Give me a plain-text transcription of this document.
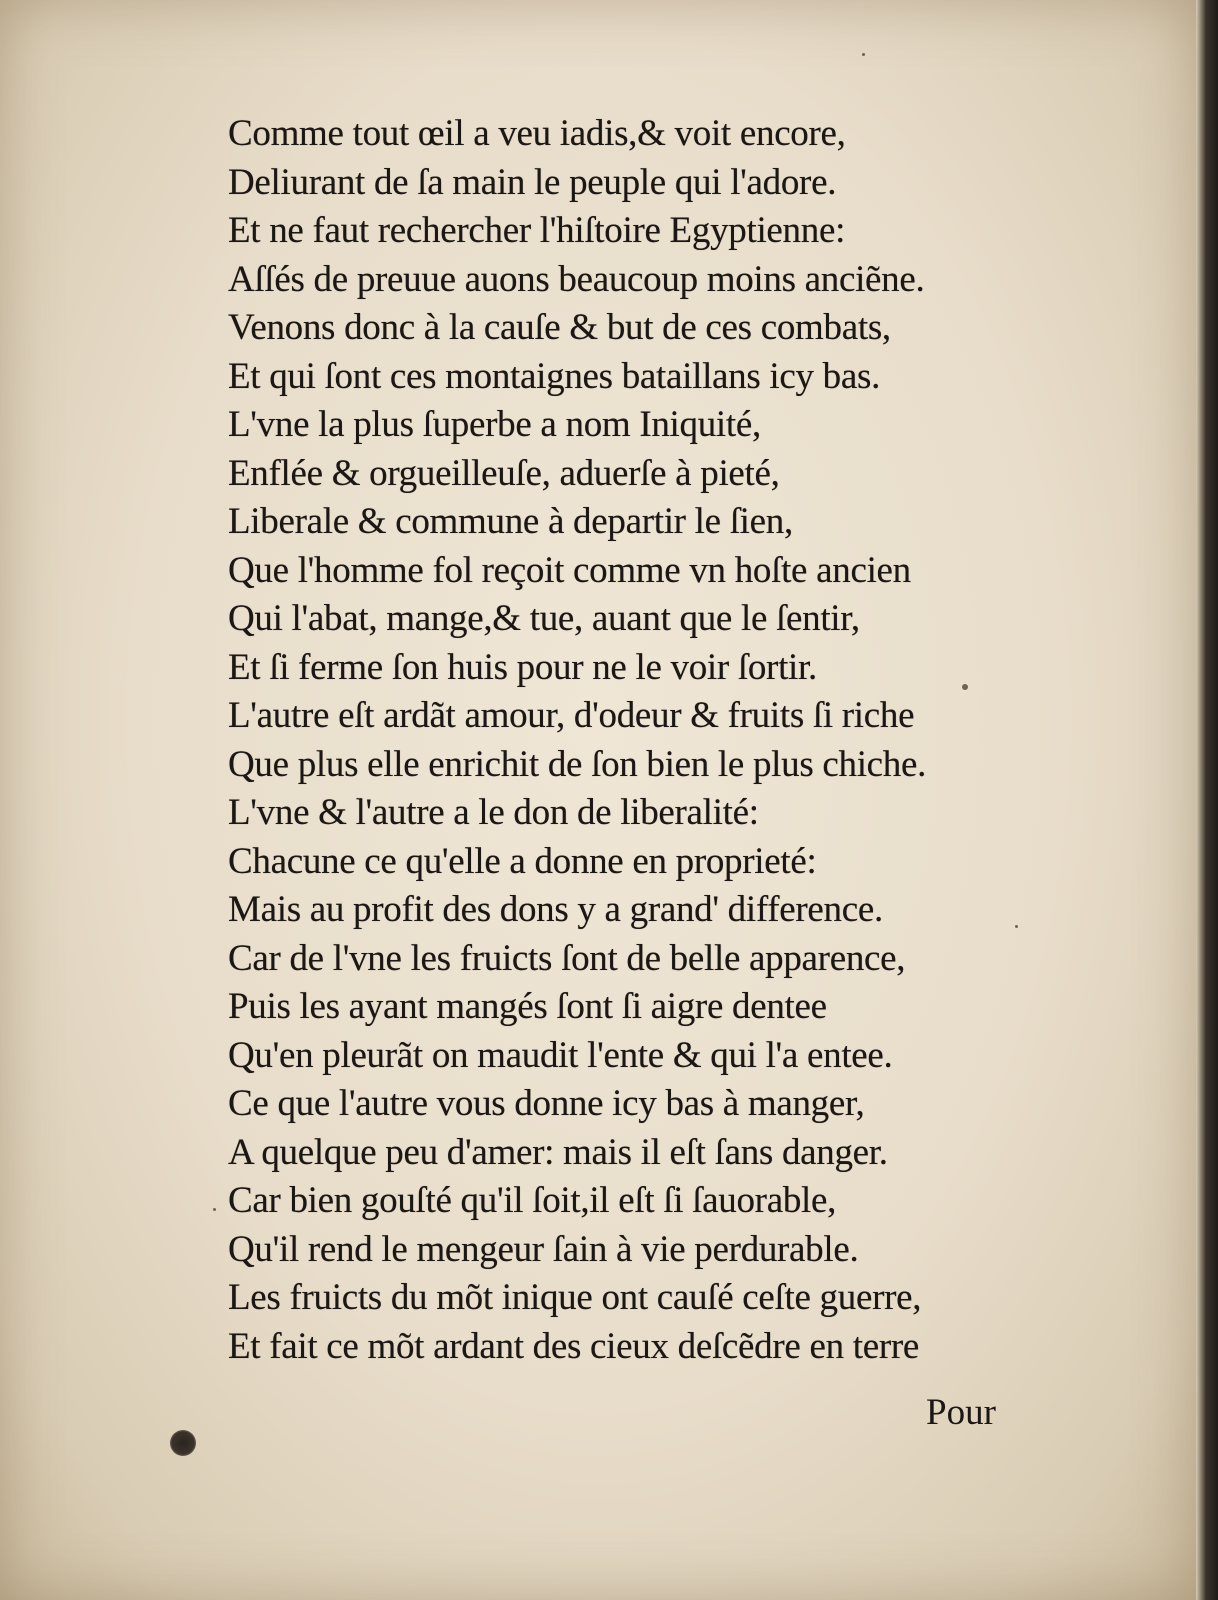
Comme tout œil a veu iadis,& voit encore,
Deliurant de ſa main le peuple qui l'adore.
Et ne faut rechercher l'hiſtoire Egyptienne:
Aſſés de preuue auons beaucoup moins anciẽne.
Venons donc à la cauſe & but de ces combats,
Et qui ſont ces montaignes bataillans icy bas.
L'vne la plus ſuperbe a nom Iniquité,
Enflée & orgueilleuſe, aduerſe à pieté,
Liberale & commune à departir le ſien,
Que l'homme fol reçoit comme vn hoſte ancien
Qui l'abat, mange,& tue, auant que le ſentir,
Et ſi ferme ſon huis pour ne le voir ſortir.
L'autre eſt ardãt amour, d'odeur & fruits ſi riche
Que plus elle enrichit de ſon bien le plus chiche.
L'vne & l'autre a le don de liberalité:
Chacune ce qu'elle a donne en proprieté:
Mais au profit des dons y a grand' difference.
Car de l'vne les fruicts ſont de belle apparence,
Puis les ayant mangés ſont ſi aigre dentee
Qu'en pleurãt on maudit l'ente & qui l'a entee.
Ce que l'autre vous donne icy bas à manger,
A quelque peu d'amer: mais il eſt ſans danger.
Car bien gouſté qu'il ſoit,il eſt ſi ſauorable,
Qu'il rend le mengeur ſain à vie perdurable.
Les fruicts du mõt inique ont cauſé ceſte guerre,
Et fait ce mõt ardant des cieux deſcẽdre en terre
Pour
